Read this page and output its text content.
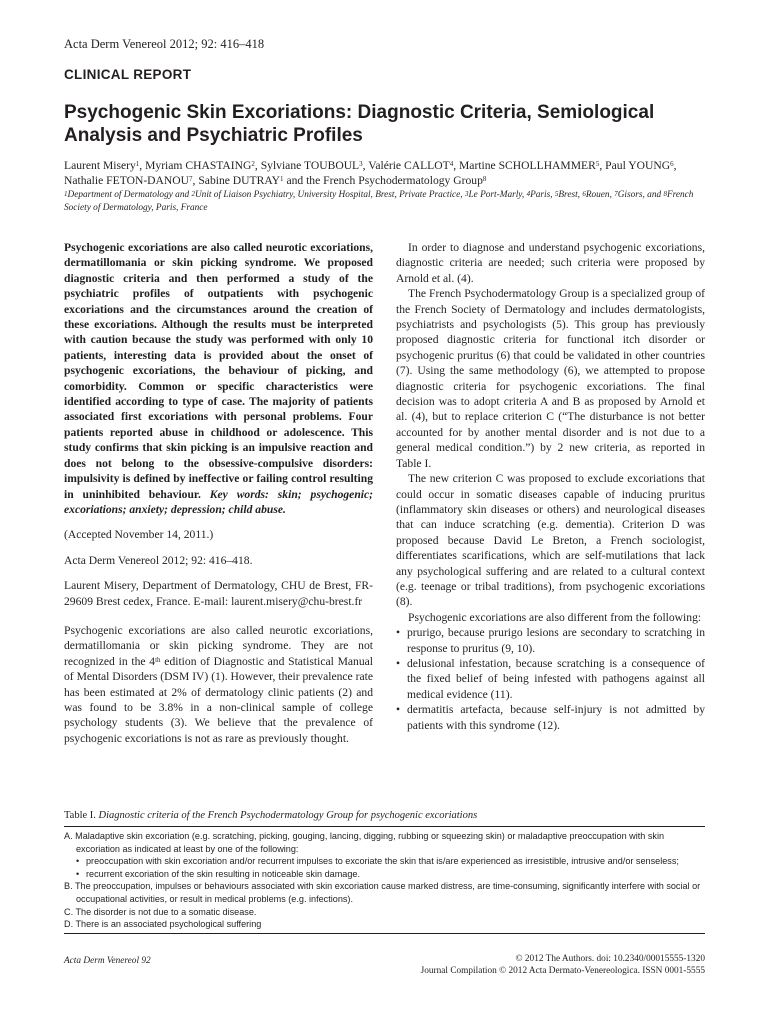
Acta Derm Venereol 2012; 92: 416–418
CLINICAL REPORT
Psychogenic Skin Excoriations: Diagnostic Criteria, Semiological Analysis and Psychiatric Profiles
Laurent Misery$^1$, Myriam CHASTAING$^2$, Sylviane TOUBOUL$^3$, Valérie CALLOT$^4$, Martine SCHOLLHAMMER$^5$, Paul YOUNG$^6$,
Nathalie FETON-DANOU$^7$, Sabine DUTRAY$^1$ and the French Psychodermatology Group$^8$
$^1$Department of Dermatology and $^2$Unit of Liaison Psychiatry, University Hospital, Brest, Private Practice, $^3$Le Port-Marly, $^4$Paris, $^5$Brest, $^6$Rouen, $^7$Gisors, and $^8$French Society of Dermatology, Paris, France

Psychogenic excoriations are also called neurotic excoriations, dermatillomania or skin picking syndrome. We proposed diagnostic criteria and then performed a study of the psychiatric profiles of outpatients with psychogenic excoriations and the circumstances around the creation of these excoriations. Although the results must be interpreted with caution because the study was performed with only 10 patients, interesting data is provided about the onset of psychogenic excoriations, the behaviour of picking, and comorbidity. Common or specific characteristics were identified according to type of case. The majority of patients associated first excoriations with personal problems. Four patients reported abuse in childhood or adolescence. This study confirms that skin picking is an impulsive reaction and does not belong to the obsessive-compulsive disorders: impulsivity is defined by ineffective or failing control resulting in uninhibited behaviour. Key words: skin; psychogenic; excoriations; anxiety; depression; child abuse.

(Accepted November 14, 2011.)

Acta Derm Venereol 2012; 92: 416–418.

Laurent Misery, Department of Dermatology, CHU de Brest, FR-29609 Brest cedex, France. E-mail: laurent.misery@chu-brest.fr

Psychogenic excoriations are also called neurotic excoriations, dermatillomania or skin picking syndrome. They are not recognized in the 4th edition of Diagnostic and Statistical Manual of Mental Disorders (DSM IV) (1). However, their prevalence rate has been estimated at 2% of dermatology clinic patients (2) and was found to be 3.8% in a non-clinical sample of college psychology students (3). We believe that the prevalence of psychogenic excoriations is not as rare as previously thought.

In order to diagnose and understand psychogenic excoriations, diagnostic criteria are needed; such criteria were proposed by Arnold et al. (4).

The French Psychodermatology Group is a specialized group of the French Society of Dermatology and includes dermatologists, psychiatrists and psychologists (5). This group has previously proposed diagnostic criteria for functional itch disorder or psychogenic pruritus (6) that could be validated in other countries (7). Using the same methodology (6), we attempted to propose diagnostic criteria for psychogenic excoriations. The final decision was to adopt criteria A and B as proposed by Arnold et al. (4), but to replace criterion C (“The disturbance is not better accounted for by another mental disorder and is not due to a general medical condition.”) by 2 new criteria, as reported in Table I.

The new criterion C was proposed to exclude excoriations that could occur in somatic diseases capable of inducing pruritus (inflammatory skin diseases or others) and neurological diseases that can induce scratching (e.g. dementia). Criterion D was proposed because David Le Breton, a French sociologist, differentiates scarifications, which are self-mutilations that lack any psychological suffering and are related to a cultural context (e.g. teenage or tribal traditions), from psychogenic excoriations (8).

Psychogenic excoriations are also different from the following:

• prurigo, because prurigo lesions are secondary to scratching in response to pruritus (9, 10).
• delusional infestation, because scratching is a consequence of the fixed belief of being infested with pathogens against all medical evidence (11).
• dermatitis artefacta, because self-injury is not admitted by patients with this syndrome (12).
Table I. Diagnostic criteria of the French Psychodermatology Group for psychogenic excoriations
A. Maladaptive skin excoriation (e.g. scratching, picking, gouging, lancing, digging, rubbing or squeezing skin) or maladaptive preoccupation with skin excoriation as indicated at least by one of the following:
• preoccupation with skin excoriation and/or recurrent impulses to excoriate the skin that is/are experienced as irresistible, intrusive and/or senseless;
• recurrent excoriation of the skin resulting in noticeable skin damage.
B. The preoccupation, impulses or behaviours associated with skin excoriation cause marked distress, are time-consuming, significantly interfere with social or occupational activities, or result in medical problems (e.g. infections).
C. The disorder is not due to a somatic disease.
D. There is an associated psychological suffering
Acta Derm Venereol 92	© 2012 The Authors. doi: 10.2340/00015555-1320
Journal Compilation © 2012 Acta Dermato-Venereologica. ISSN 0001-5555
